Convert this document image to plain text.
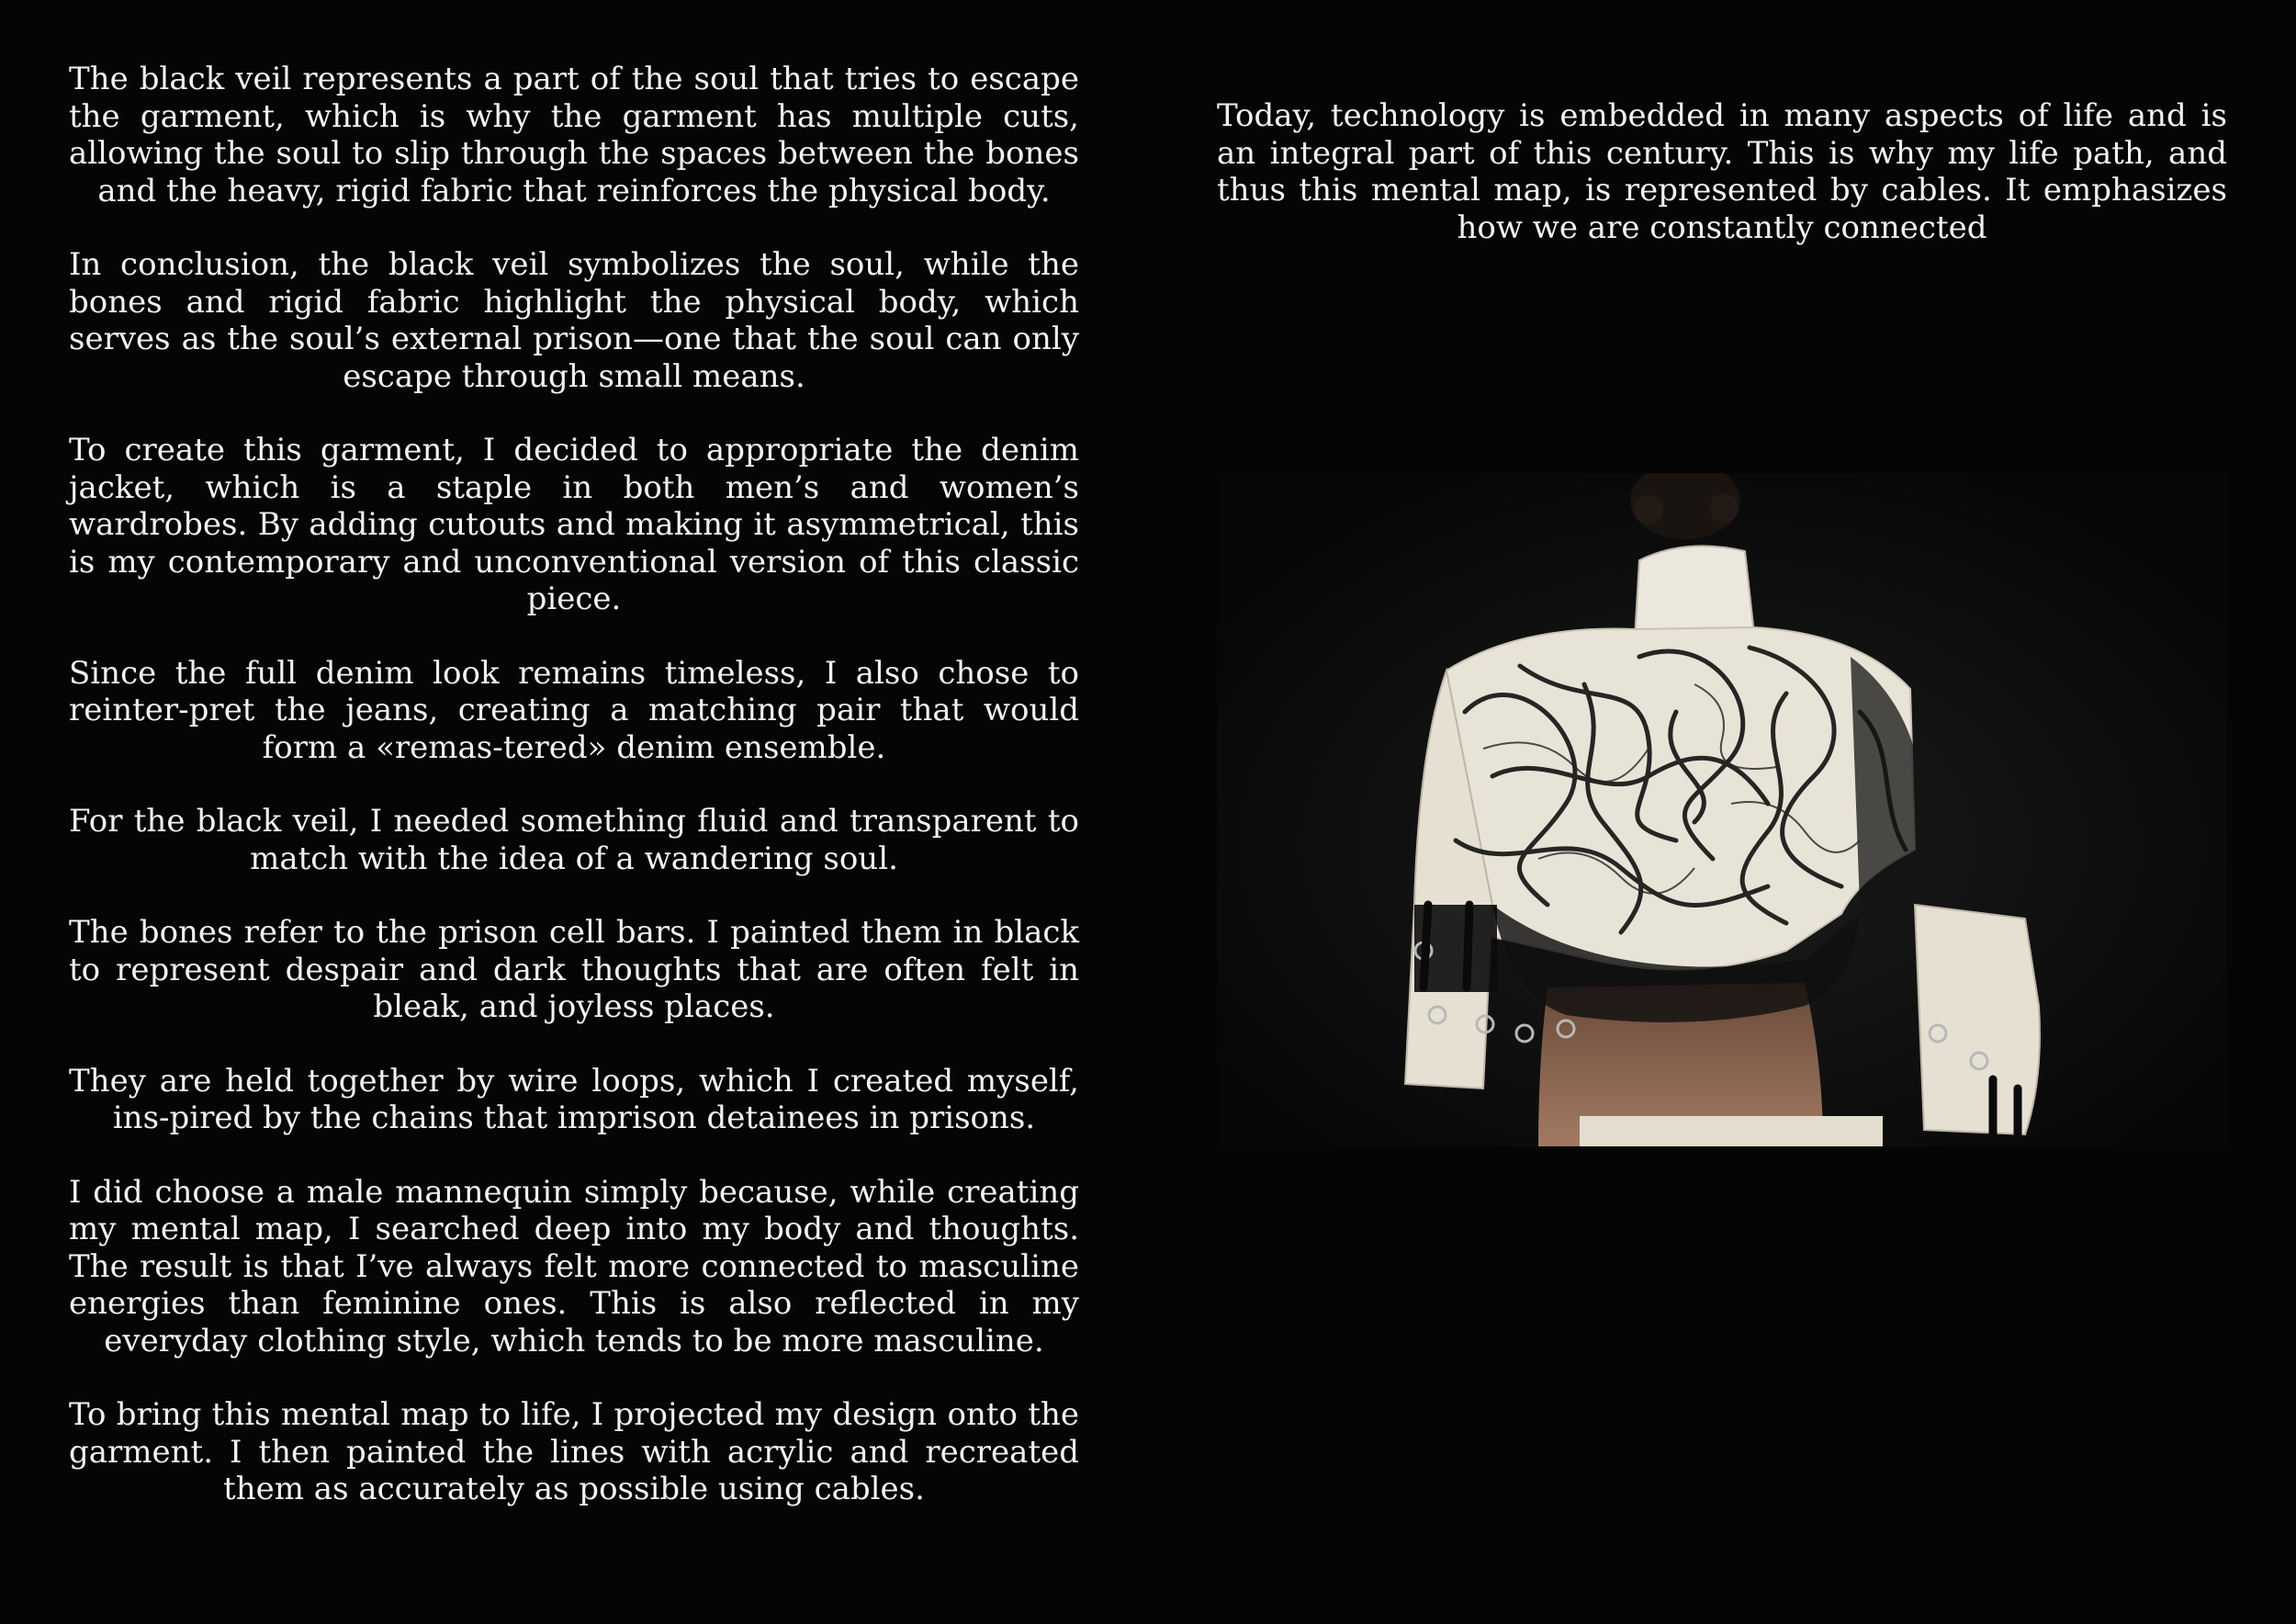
The black veil represents a part of the soul that tries to escape the garment, which is why the garment has multiple cuts, allowing the soul to slip through the spaces between the bones and the heavy, rigid fabric that reinforces the physical body.

In conclusion, the black veil symbolizes the soul, while the bones and rigid fabric highlight the physical body, which serves as the soul’s external prison—one that the soul can only escape through small means.

To create this garment, I decided to appropriate the denim jacket, which is a staple in both men’s and women’s wardrobes. By adding cutouts and making it asymmetrical, this is my contemporary and unconventional version of this classic piece.

Since the full denim look remains timeless, I also chose to reinter-pret the jeans, creating a matching pair that would form a «remas-tered» denim ensemble.

For the black veil, I needed something fluid and transparent to match with the idea of a wandering soul.

The bones refer to the prison cell bars. I painted them in black to represent despair and dark thoughts that are often felt in bleak, and joyless places.

They are held together by wire loops, which I created myself, ins-pired by the chains that imprison detainees in prisons.

I did choose a male mannequin simply because, while creating my mental map, I searched deep into my body and thoughts. The result is that I’ve always felt more connected to masculine energies than feminine ones. This is also reflected in my everyday clothing style, which tends to be more masculine.

To bring this mental map to life, I projected my design onto the garment. I then painted the lines with acrylic and recreated them as accurately as possible using cables.

Today, technology is embedded in many aspects of life and is an integral part of this century. This is why my life path, and thus this mental map, is represented by cables. It emphasizes how we are constantly connected
